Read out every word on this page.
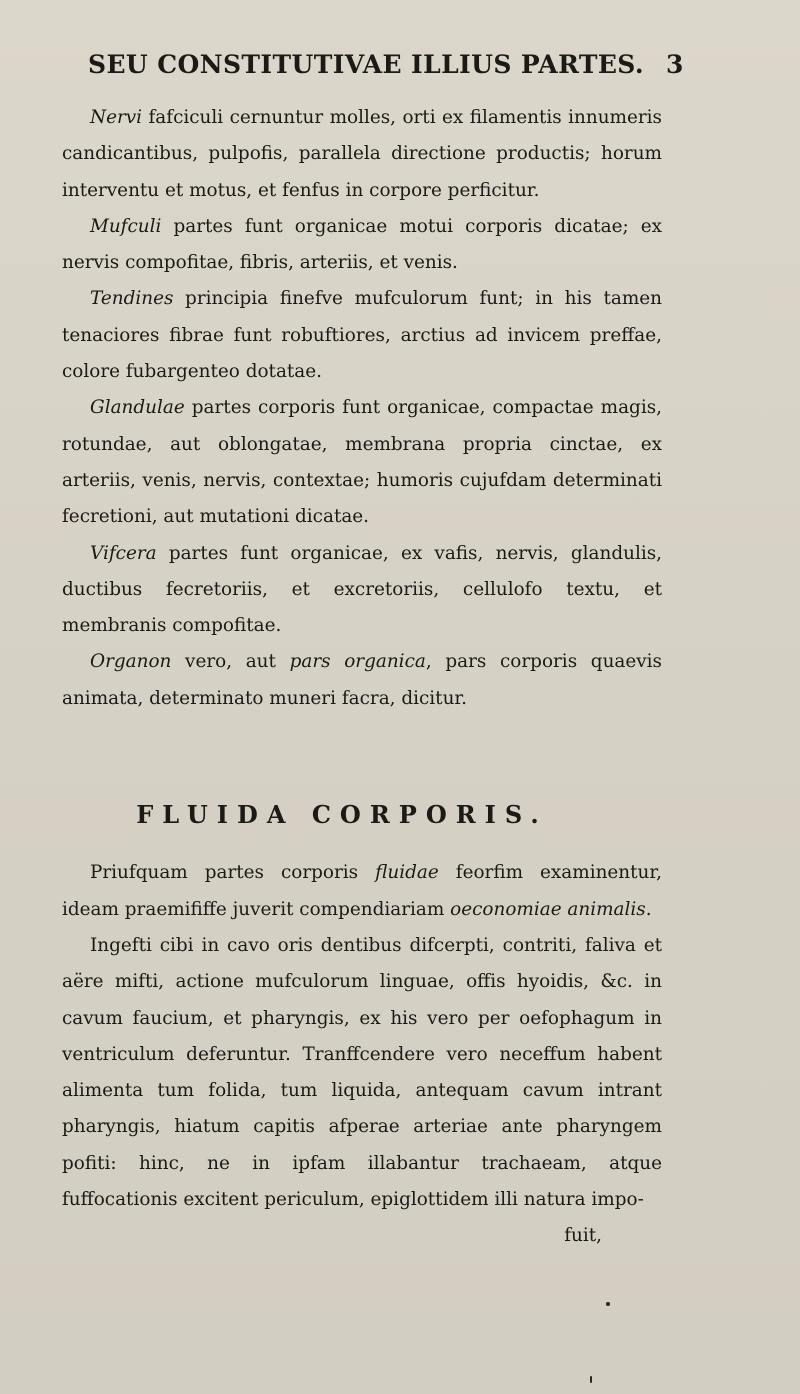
SEU CONSTITUTIVAE ILLIUS PARTES. 3

Nervi fafciculi cernuntur molles, orti ex filamentis innumeris candicantibus, pulpofis, parallela directione productis; horum interventu et motus, et fenfus in corpore perficitur.

Mufculi partes funt organicae motui corporis dicatae; ex nervis compofitae, fibris, arteriis, et venis.

Tendines principia finefve mufculorum funt; in his tamen tenaciores fibrae funt robuftiores, arctius ad invicem preffae, colore fubargenteo dotatae.

Glandulae partes corporis funt organicae, compactae magis, rotundae, aut oblongatae, membrana propria cinctae, ex arteriis, venis, nervis, contextae; humoris cujufdam determinati fecretioni, aut mutationi dicatae.

Vifcera partes funt organicae, ex vafis, nervis, glandulis, ductibus fecretoriis, et excretoriis, cellulofo textu, et membranis compofitae.

Organon vero, aut pars organica, pars corporis quaevis animata, determinato muneri facra, dicitur.

FLUIDA CORPORIS.

Priufquam partes corporis fluidae feorfim examinentur, ideam praemififfe juverit compendiariam oeconomiae animalis.

Ingefti cibi in cavo oris dentibus difcerpti, contriti, faliva et aëre mifti, actione mufculorum linguae, offis hyoidis, &c. in cavum faucium, et pharyngis, ex his vero per oefophagum in ventriculum deferuntur. Tranffcendere vero neceffum habent alimenta tum folida, tum liquida, antequam cavum intrant pharyngis, hiatum capitis afperae arteriae ante pharyngem pofiti: hinc, ne in ipfam illabantur trachaeam, atque fuffocationis excitent periculum, epiglottidem illi natura impo-

fuit,
